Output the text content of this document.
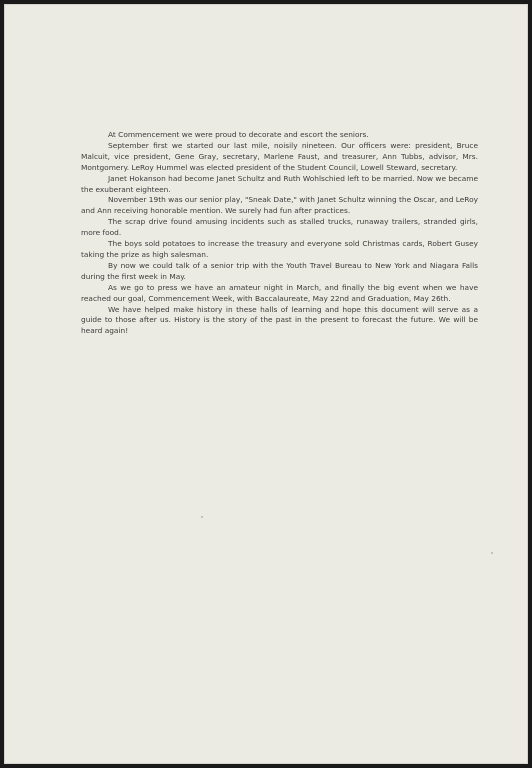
At Commencement we were proud to decorate and escort the seniors.

September first we started our last mile, noisily nineteen. Our officers were: president, Bruce Malcuit, vice president, Gene Gray, secretary, Marlene Faust, and treasurer, Ann Tubbs, advisor, Mrs. Montgomery. LeRoy Hummel was elected president of the Student Council, Lowell Steward, secretary.

Janet Hokanson had become Janet Schultz and Ruth Wohlschied left to be married. Now we became the exuberant eighteen.

November 19th was our senior play, "Sneak Date," with Janet Schultz winning the Oscar, and LeRoy and Ann receiving honorable mention. We surely had fun after practices.

The scrap drive found amusing incidents such as stalled trucks, runaway trailers, stranded girls, more food.

The boys sold potatoes to increase the treasury and everyone sold Christmas cards, Robert Gusey taking the prize as high salesman.

By now we could talk of a senior trip with the Youth Travel Bureau to New York and Niagara Falls during the first week in May.

As we go to press we have an amateur night in March, and finally the big event when we have reached our goal, Commencement Week, with Baccalaureate, May 22nd and Graduation, May 26th.

We have helped make history in these halls of learning and hope this document will serve as a guide to those after us. History is the story of the past in the present to forecast the future. We will be heard again!
